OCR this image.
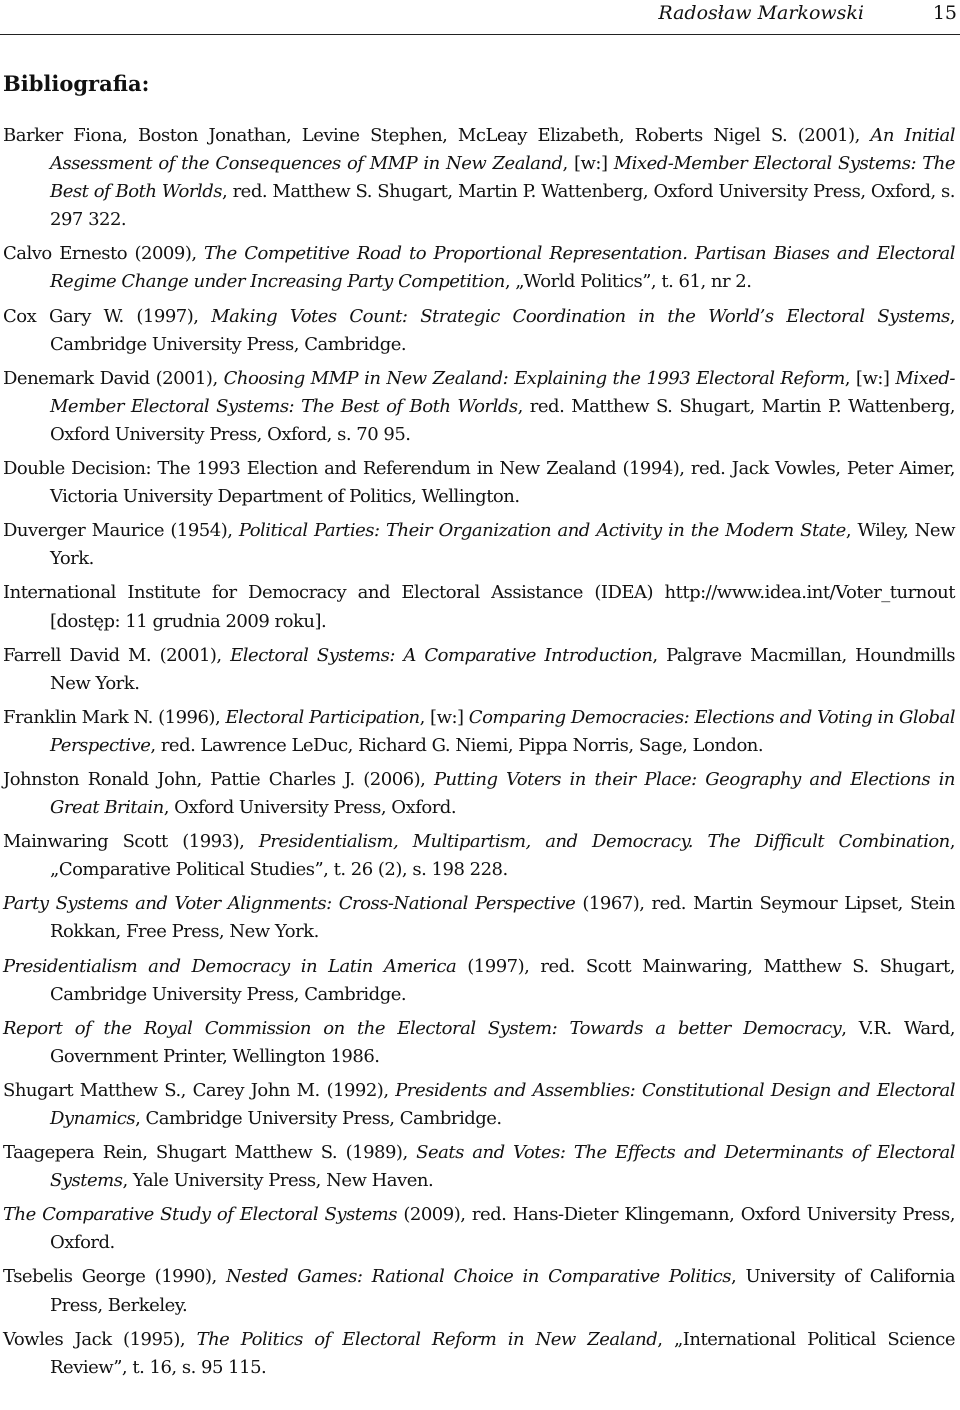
Radosław Markowski	15
Bibliografia:

Barker Fiona, Boston Jonathan, Levine Stephen, McLeay Elizabeth, Roberts Nigel S. (2001), An Initial Assessment of the Consequences of MMP in New Zealand, [w:] Mixed-Member Electoral Systems: The Best of Both Worlds, red. Matthew S. Shugart, Martin P. Wattenberg, Oxford University Press, Oxford, s. 297 322.

Calvo Ernesto (2009), The Competitive Road to Proportional Representation. Partisan Biases and Electoral Regime Change under Increasing Party Competition, „World Politics”, t. 61, nr 2.

Cox Gary W. (1997), Making Votes Count: Strategic Coordination in the World’s Electoral Systems, Cambridge University Press, Cambridge.

Denemark David (2001), Choosing MMP in New Zealand: Explaining the 1993 Electoral Reform, [w:] Mixed-Member Electoral Systems: The Best of Both Worlds, red. Matthew S. Shugart, Martin P. Wattenberg, Oxford University Press, Oxford, s. 70 95.

Double Decision: The 1993 Election and Referendum in New Zealand (1994), red. Jack Vowles, Peter Aimer, Victoria University Department of Politics, Wellington.

Duverger Maurice (1954), Political Parties: Their Organization and Activity in the Modern State, Wiley, New York.

International Institute for Democracy and Electoral Assistance (IDEA) http://www.idea.int/Voter_turnout [dostęp: 11 grudnia 2009 roku].

Farrell David M. (2001), Electoral Systems: A Comparative Introduction, Palgrave Macmillan, Houndmills New York.

Franklin Mark N. (1996), Electoral Participation, [w:] Comparing Democracies: Elections and Voting in Global Perspective, red. Lawrence LeDuc, Richard G. Niemi, Pippa Norris, Sage, London.

Johnston Ronald John, Pattie Charles J. (2006), Putting Voters in their Place: Geography and Elections in Great Britain, Oxford University Press, Oxford.

Mainwaring Scott (1993), Presidentialism, Multipartism, and Democracy. The Difficult Combination, „Comparative Political Studies”, t. 26 (2), s. 198 228.

Party Systems and Voter Alignments: Cross-National Perspective (1967), red. Martin Seymour Lipset, Stein Rokkan, Free Press, New York.

Presidentialism and Democracy in Latin America (1997), red. Scott Mainwaring, Matthew S. Shugart, Cambridge University Press, Cambridge.

Report of the Royal Commission on the Electoral System: Towards a better Democracy, V.R. Ward, Government Printer, Wellington 1986.

Shugart Matthew S., Carey John M. (1992), Presidents and Assemblies: Constitutional Design and Electoral Dynamics, Cambridge University Press, Cambridge.

Taagepera Rein, Shugart Matthew S. (1989), Seats and Votes: The Effects and Determinants of Electoral Systems, Yale University Press, New Haven.

The Comparative Study of Electoral Systems (2009), red. Hans-Dieter Klingemann, Oxford University Press, Oxford.

Tsebelis George (1990), Nested Games: Rational Choice in Comparative Politics, University of California Press, Berkeley.

Vowles Jack (1995), The Politics of Electoral Reform in New Zealand, „International Political Science Review”, t. 16, s. 95 115.
